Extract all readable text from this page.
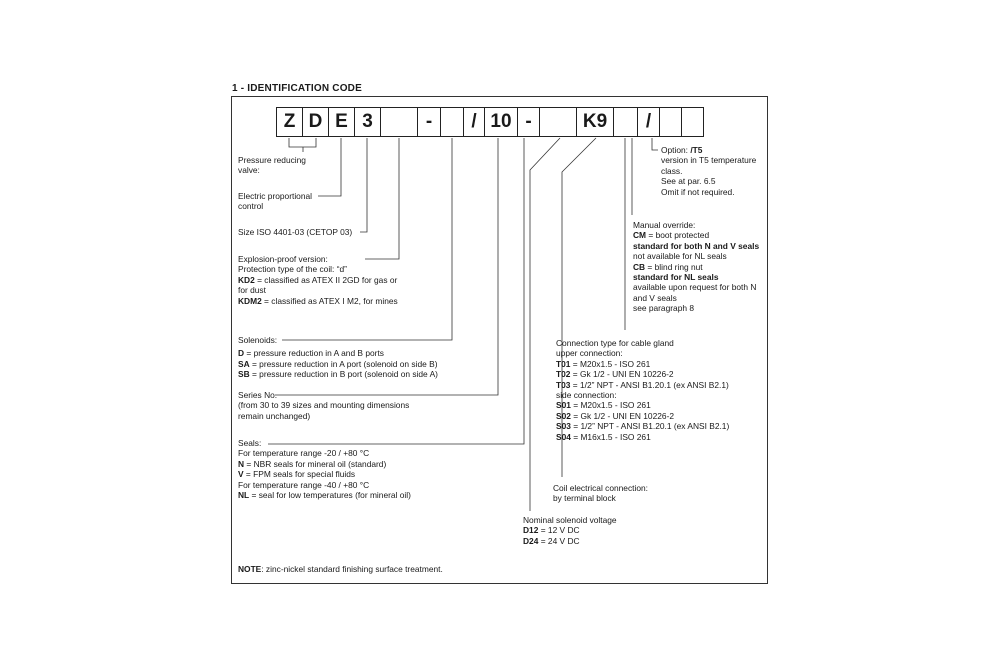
1 - IDENTIFICATION CODE
Z D E 3	-	/ 10 -	K9	/
Pressure reducing
valve:
Electric proportional
control
Size ISO 4401-03 (CETOP 03)
Explosion-proof version:
Protection type of the coil: “d”
KD2 = classified as ATEX II 2GD for gas or
for dust
KDM2 = classified as ATEX I M2, for mines
Solenoids:
D = pressure reduction in A and B ports
SA = pressure reduction in A port (solenoid on side B)
SB = pressure reduction in B port (solenoid on side A)
Series No.
(from 30 to 39 sizes and mounting dimensions
remain unchanged)
Seals:
For temperature range -20 / +80 °C
N = NBR seals for mineral oil (standard)
V = FPM seals for special fluids
For temperature range -40 / +80 °C
NL = seal for low temperatures (for mineral oil)
NOTE: zinc-nickel standard finishing surface treatment.
Option: /T5
version in T5 temperature
class.
See at par. 6.5
Omit if not required.
Manual override:
CM = boot protected
standard for both N and V seals
not available for NL seals
CB = blind ring nut
standard for NL seals
available upon request for both N
and V seals
see paragraph 8
Connection type for cable gland
upper connection:
T01 = M20x1.5 - ISO 261
T02 = Gk 1/2 - UNI EN 10226-2
T03 = 1/2” NPT - ANSI B1.20.1 (ex ANSI B2.1)
side connection:
S01 = M20x1.5 - ISO 261
S02 = Gk 1/2 - UNI EN 10226-2
S03 = 1/2” NPT - ANSI B1.20.1 (ex ANSI B2.1)
S04 = M16x1.5 - ISO 261
Coil electrical connection:
by terminal block
Nominal solenoid voltage
D12 = 12 V DC
D24 = 24 V DC
